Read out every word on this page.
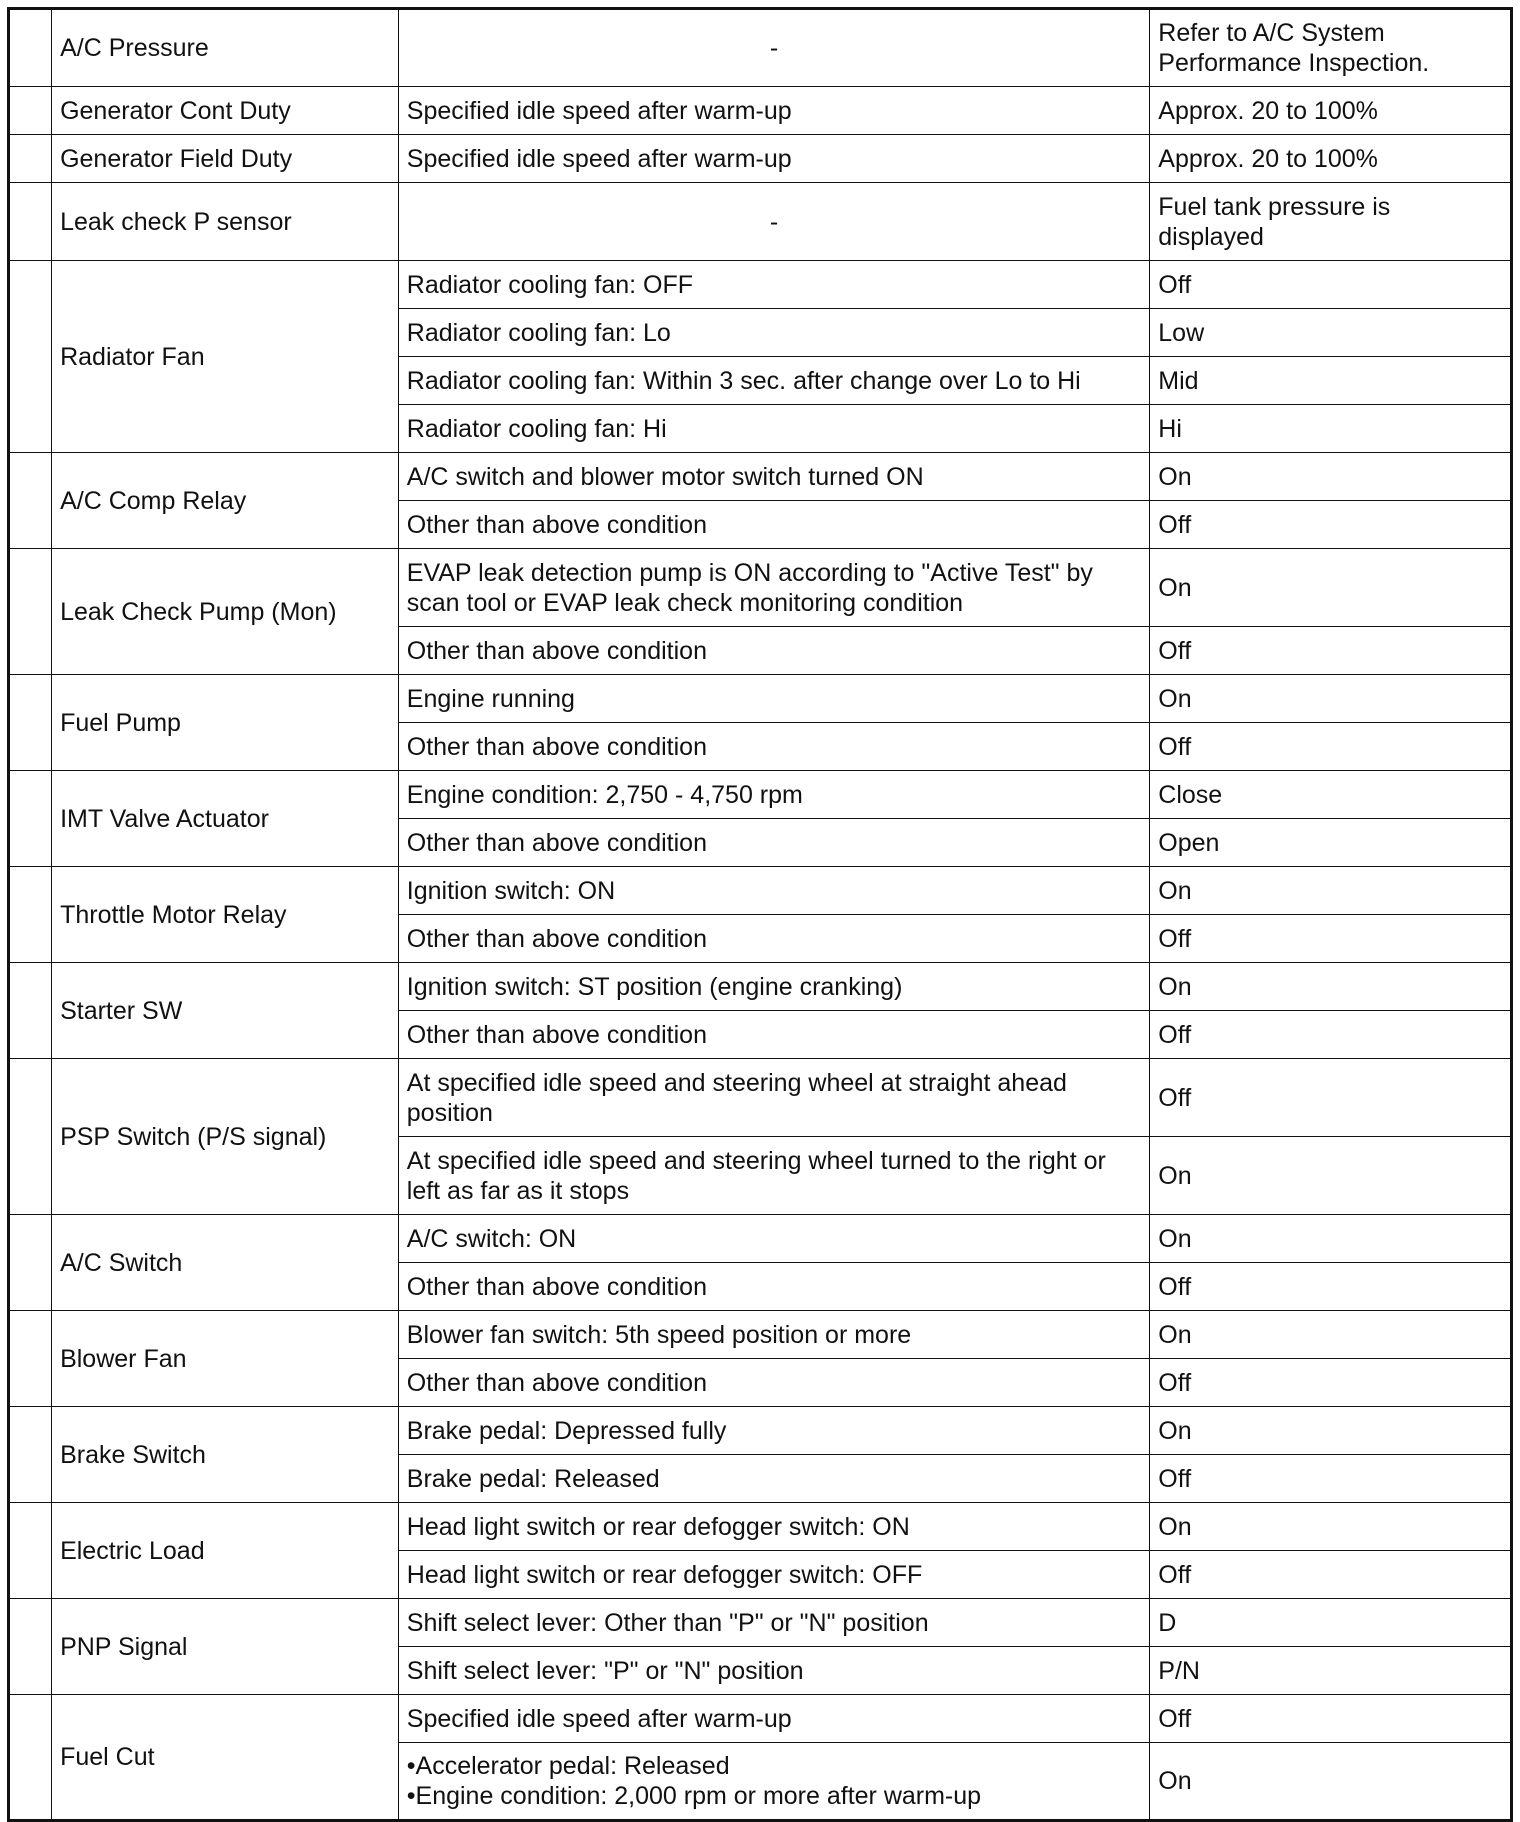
	A/C Pressure	-	Refer to A/C System
Performance Inspection.
	Generator Cont Duty	Specified idle speed after warm-up	Approx. 20 to 100%
	Generator Field Duty	Specified idle speed after warm-up	Approx. 20 to 100%
	Leak check P sensor	-	Fuel tank pressure is
displayed
	Radiator Fan	Radiator cooling fan: OFF	Off
		Radiator cooling fan: Lo	Low
		Radiator cooling fan: Within 3 sec. after change over Lo to Hi	Mid
		Radiator cooling fan: Hi	Hi
	A/C Comp Relay	A/C switch and blower motor switch turned ON	On
		Other than above condition	Off
	Leak Check Pump (Mon)	EVAP leak detection pump is ON according to "Active Test" by
scan tool or EVAP leak check monitoring condition	On
		Other than above condition	Off
	Fuel Pump	Engine running	On
		Other than above condition	Off
	IMT Valve Actuator	Engine condition: 2,750 - 4,750 rpm	Close
		Other than above condition	Open
	Throttle Motor Relay	Ignition switch: ON	On
		Other than above condition	Off
	Starter SW	Ignition switch: ST position (engine cranking)	On
		Other than above condition	Off
	PSP Switch (P/S signal)	At specified idle speed and steering wheel at straight ahead
position	Off
		At specified idle speed and steering wheel turned to the right or
left as far as it stops	On
	A/C Switch	A/C switch: ON	On
		Other than above condition	Off
	Blower Fan	Blower fan switch: 5th speed position or more	On
		Other than above condition	Off
	Brake Switch	Brake pedal: Depressed fully	On
		Brake pedal: Released	Off
	Electric Load	Head light switch or rear defogger switch: ON	On
		Head light switch or rear defogger switch: OFF	Off
	PNP Signal	Shift select lever: Other than "P" or "N" position	D
		Shift select lever: "P" or "N" position	P/N
	Fuel Cut	Specified idle speed after warm-up	Off
		•Accelerator pedal: Released
•Engine condition: 2,000 rpm or more after warm-up	On
